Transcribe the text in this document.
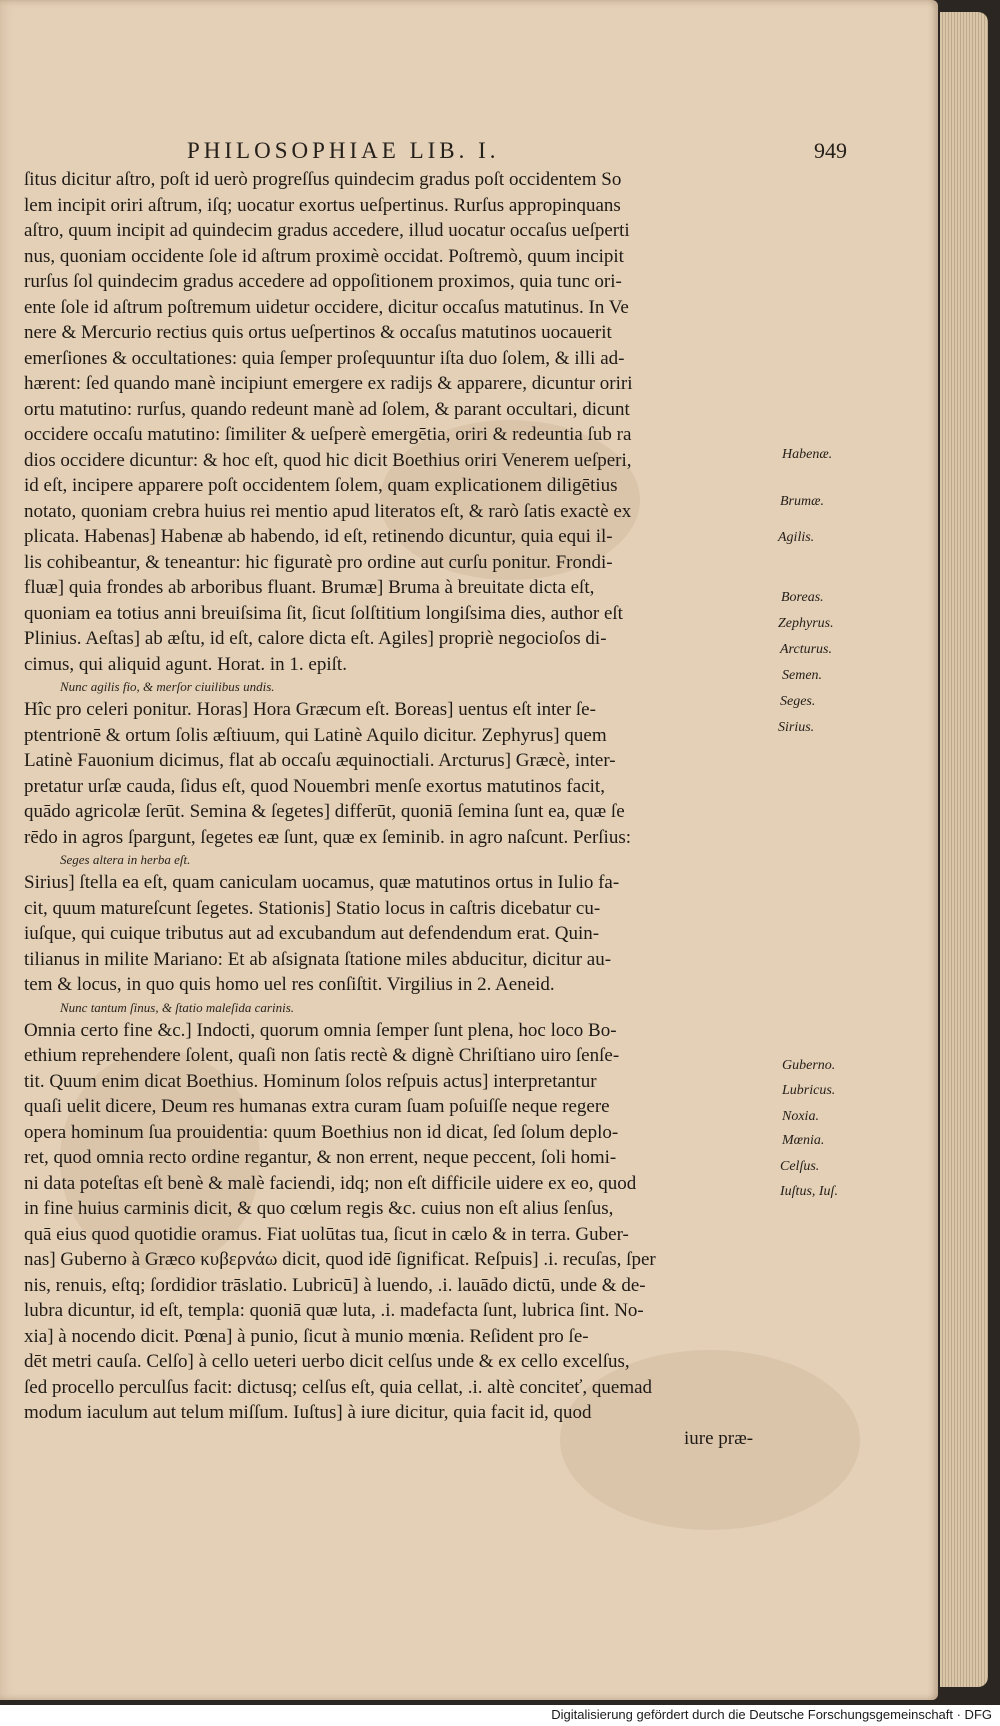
PHILOSOPHIAE LIB. I.	949
ſitus dicitur aſtro, poſt id uerò progreſſus quindecim gradus poſt occidentem So
lem incipit oriri aſtrum, iſq; uocatur exortus ueſpertinus. Rurſus appropinquans
aſtro, quum incipit ad quindecim gradus accedere, illud uocatur occaſus ueſperti
nus, quoniam occidente ſole id aſtrum proximè occidat. Poſtremò, quum incipit
rurſus ſol quindecim gradus accedere ad oppoſitionem proximos, quia tunc ori-
ente ſole id aſtrum poſtremum uidetur occidere, dicitur occaſus matutinus. In Ve
nere & Mercurio rectius quis ortus ueſpertinos & occaſus matutinos uocauerit
emerſiones & occultationes: quia ſemper proſequuntur iſta duo ſolem, & illi ad-
hærent: ſed quando manè incipiunt emergere ex radijs & apparere, dicuntur oriri
ortu matutino: rurſus, quando redeunt manè ad ſolem, & parant occultari, dicunt
occidere occaſu matutino: ſimiliter & ueſperè emergētia, oriri & redeuntia ſub ra
dios occidere dicuntur: & hoc eſt, quod hic dicit Boethius oriri Venerem ueſperi,
id eſt, incipere apparere poſt occidentem ſolem, quam explicationem diligētius
notato, quoniam crebra huius rei mentio apud literatos eſt, & rarò ſatis exactè ex
plicata. Habenas] Habenæ ab habendo, id eſt, retinendo dicuntur, quia equi il-
lis cohibeantur, & teneantur: hic figuratè pro ordine aut curſu ponitur. Frondi-
fluæ] quia frondes ab arboribus fluant. Brumæ] Bruma à breuitate dicta eſt,
quoniam ea totius anni breuiſsima ſit, ſicut ſolſtitium longiſsima dies, author eſt
Plinius. Aeſtas] ab æſtu, id eſt, calore dicta eſt. Agiles] propriè negocioſos di-
cimus, qui aliquid agunt. Horat. in 1. epiſt.
Nunc agilis fio, & merſor ciuilibus undis.
Hîc pro celeri ponitur. Horas] Hora Græcum eſt. Boreas] uentus eſt inter ſe-
ptentrionē & ortum ſolis æſtiuum, qui Latinè Aquilo dicitur. Zephyrus] quem
Latinè Fauonium dicimus, flat ab occaſu æquinoctiali. Arcturus] Græcè, inter-
pretatur urſæ cauda, ſidus eſt, quod Nouembri menſe exortus matutinos facit,
quādo agricolæ ſerūt. Semina & ſegetes] differūt, quoniā ſemina ſunt ea, quæ ſe
rēdo in agros ſpargunt, ſegetes eæ ſunt, quæ ex ſeminib. in agro naſcunt. Perſius:
Seges altera in herba eſt.
Sirius] ſtella ea eſt, quam caniculam uocamus, quæ matutinos ortus in Iulio fa-
cit, quum matureſcunt ſegetes. Stationis] Statio locus in caſtris dicebatur cu-
iuſque, qui cuique tributus aut ad excubandum aut defendendum erat. Quin-
tilianus in milite Mariano: Et ab aſsignata ſtatione miles abducitur, dicitur au-
tem & locus, in quo quis homo uel res conſiſtit. Virgilius in 2. Aeneid.
Nunc tantum ſinus, & ſtatio maleſida carinis.
Omnia certo fine &c.] Indocti, quorum omnia ſemper ſunt plena, hoc loco Bo-
ethium reprehendere ſolent, quaſi non ſatis rectè & dignè Chriſtiano uiro ſenſe-
tit. Quum enim dicat Boethius. Hominum ſolos reſpuis actus] interpretantur
quaſi uelit dicere, Deum res humanas extra curam ſuam poſuiſſe neque regere
opera hominum ſua prouidentia: quum Boethius non id dicat, ſed ſolum deplo-
ret, quod omnia recto ordine regantur, & non errent, neque peccent, ſoli homi-
ni data poteſtas eſt benè & malè faciendi, idq; non eſt difficile uidere ex eo, quod
in fine huius carminis dicit, & quo cœlum regis &c. cuius non eſt alius ſenſus,
quā eius quod quotidie oramus. Fiat uolūtas tua, ſicut in cælo & in terra. Guber-
nas] Guberno à Græco κυβερνάω dicit, quod idē ſignificat. Reſpuis] .i. recuſas, ſper
nis, renuis, eſtq; ſordidior trāslatio. Lubricū] à luendo, .i. lauādo dictū, unde & de-
lubra dicuntur, id eſt, templa: quoniā quæ luta, .i. madefacta ſunt, lubrica ſint. No-
xia] à nocendo dicit. Pœna] à punio, ſicut à munio mœnia. Reſident pro ſe-
dēt metri cauſa. Celſo] à cello ueteri uerbo dicit celſus unde & ex cello excelſus,
ſed procello perculſus facit: dictusq; celſus eſt, quia cellat, .i. altè conciteť, quemad
modum iaculum aut telum miſſum. Iuſtus] à iure dicitur, quia facit id, quod
iure præ-
Habenæ.
Brumæ.
Agilis.
Boreas.
Zephyrus.
Arcturus.
Semen.
Seges.
Sirius.
Guberno.
Lubricus.
Noxia.
Mœnia.
Celſus.
Iuſtus, Iuſ.
Digitalisierung gefördert durch die Deutsche Forschungsgemeinschaft · DFG
